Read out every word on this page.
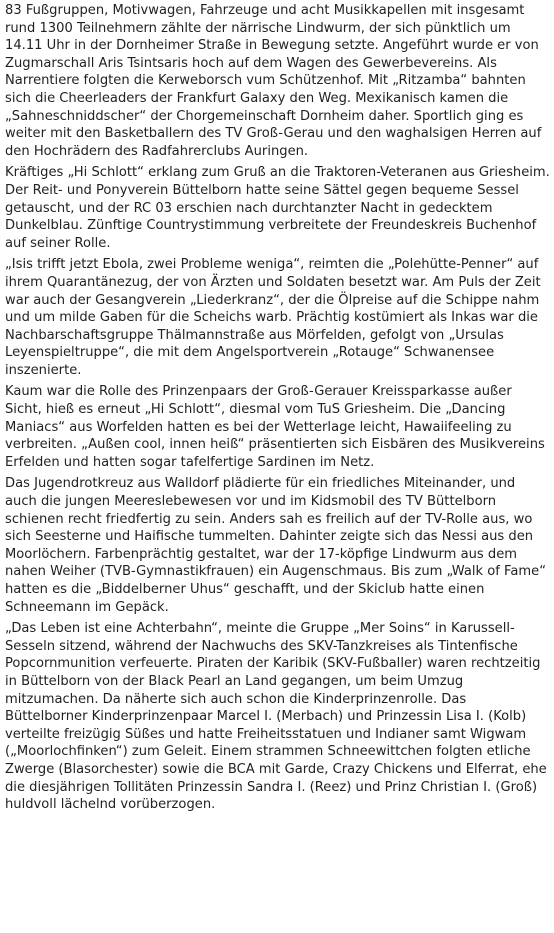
83 Fußgruppen, Motivwagen, Fahrzeuge und acht Musikkapellen mit insgesamt rund 1300 Teilnehmern zählte der närrische Lindwurm, der sich pünktlich um 14.11 Uhr in der Dornheimer Straße in Bewegung setzte. Angeführt wurde er von Zugmarschall Aris Tsintsaris hoch auf dem Wagen des Gewerbevereins. Als Narrentiere folgten die Kerweborsch vum Schützenhof. Mit „Ritzamba“ bahnten sich die Cheerleaders der Frankfurt Galaxy den Weg. Mexikanisch kamen die „Sahneschniddscher“ der Chorgemeinschaft Dornheim daher. Sportlich ging es weiter mit den Basketballern des TV Groß-Gerau und den waghalsigen Herren auf den Hochrädern des Radfahrerclubs Auringen.

Kräftiges „Hi Schlott“ erklang zum Gruß an die Traktoren-Veteranen aus Griesheim. Der Reit- und Ponyverein Büttelborn hatte seine Sättel gegen bequeme Sessel getauscht, und der RC 03 erschien nach durchtanzter Nacht in gedecktem Dunkelblau. Zünftige Countrystimmung verbreitete der Freundeskreis Buchenhof auf seiner Rolle.

„Isis trifft jetzt Ebola, zwei Probleme weniga“, reimten die „Polehütte-Penner“ auf ihrem Quarantänezug, der von Ärzten und Soldaten besetzt war. Am Puls der Zeit war auch der Gesangverein „Liederkranz“, der die Ölpreise auf die Schippe nahm und um milde Gaben für die Scheichs warb. Prächtig kostümiert als Inkas war die Nachbarschaftsgruppe Thälmannstraße aus Mörfelden, gefolgt von „Ursulas Leyenspieltruppe“, die mit dem Angelsportverein „Rotauge“ Schwanensee inszenierte.

Kaum war die Rolle des Prinzenpaars der Groß-Gerauer Kreissparkasse außer Sicht, hieß es erneut „Hi Schlott“, diesmal vom TuS Griesheim. Die „Dancing Maniacs“ aus Worfelden hatten es bei der Wetterlage leicht, Hawaiifeeling zu verbreiten. „Außen cool, innen heiß“ präsentierten sich Eisbären des Musikvereins Erfelden und hatten sogar tafelfertige Sardinen im Netz.

Das Jugendrotkreuz aus Walldorf plädierte für ein friedliches Miteinander, und auch die jungen Meereslebewesen vor und im Kidsmobil des TV Büttelborn schienen recht friedfertig zu sein. Anders sah es freilich auf der TV-Rolle aus, wo sich Seesterne und Haifische tummelten. Dahinter zeigte sich das Nessi aus den Moorlöchern. Farbenprächtig gestaltet, war der 17-köpfige Lindwurm aus dem nahen Weiher (TVB-Gymnastikfrauen) ein Augenschmaus. Bis zum „Walk of Fame“ hatten es die „Biddelberner Uhus“ geschafft, und der Skiclub hatte einen Schneemann im Gepäck.

„Das Leben ist eine Achterbahn“, meinte die Gruppe „Mer Soins“ in Karussell-Sesseln sitzend, während der Nachwuchs des SKV-Tanzkreises als Tintenfische Popcornmunition verfeuerte. Piraten der Karibik (SKV-Fußballer) waren rechtzeitig in Büttelborn von der Black Pearl an Land gegangen, um beim Umzug mitzumachen. Da näherte sich auch schon die Kinderprinzenrolle. Das Büttelborner Kinderprinzenpaar Marcel I. (Merbach) und Prinzessin Lisa I. (Kolb) verteilte freizügig Süßes und hatte Freiheitsstatuen und Indianer samt Wigwam („Moorlochfinken“) zum Geleit. Einem strammen Schneewittchen folgten etliche Zwerge (Blasorchester) sowie die BCA mit Garde, Crazy Chickens und Elferrat, ehe die diesjährigen Tollitäten Prinzessin Sandra I. (Reez) und Prinz Christian I. (Groß) huldvoll lächelnd vorüberzogen.
